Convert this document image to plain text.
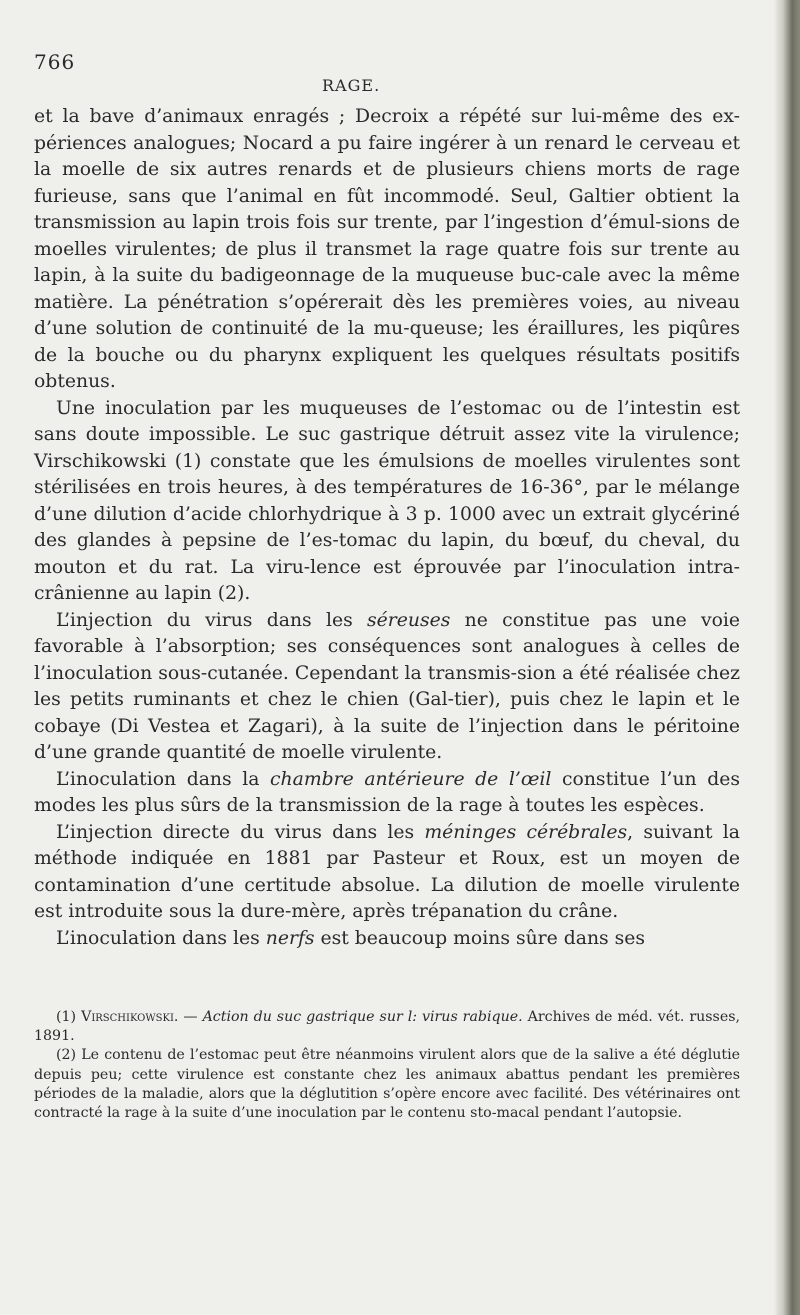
766
RAGE.

et la bave d’animaux enragés ; Decroix a répété sur lui-même des ex-périences analogues; Nocard a pu faire ingérer à un renard le cerveau et la moelle de six autres renards et de plusieurs chiens morts de rage furieuse, sans que l’animal en fût incommodé. Seul, Galtier obtient la transmission au lapin trois fois sur trente, par l’ingestion d’émul-sions de moelles virulentes; de plus il transmet la rage quatre fois sur trente au lapin, à la suite du badigeonnage de la muqueuse buc-cale avec la même matière. La pénétration s’opérerait dès les premières voies, au niveau d’une solution de continuité de la mu-queuse; les éraillures, les piqûres de la bouche ou du pharynx expliquent les quelques résultats positifs obtenus.

Une inoculation par les muqueuses de l’estomac ou de l’intestin est sans doute impossible. Le suc gastrique détruit assez vite la virulence; Virschikowski (1) constate que les émulsions de moelles virulentes sont stérilisées en trois heures, à des températures de 16-36°, par le mélange d’une dilution d’acide chlorhydrique à 3 p. 1000 avec un extrait glycériné des glandes à pepsine de l’es-tomac du lapin, du bœuf, du cheval, du mouton et du rat. La viru-lence est éprouvée par l’inoculation intra-crânienne au lapin (2).

L’injection du virus dans les séreuses ne constitue pas une voie favorable à l’absorption; ses conséquences sont analogues à celles de l’inoculation sous-cutanée. Cependant la transmis-sion a été réalisée chez les petits ruminants et chez le chien (Gal-tier), puis chez le lapin et le cobaye (Di Vestea et Zagari), à la suite de l’injection dans le péritoine d’une grande quantité de moelle virulente.

L’inoculation dans la chambre antérieure de l’œil constitue l’un des modes les plus sûrs de la transmission de la rage à toutes les espèces.

L’injection directe du virus dans les méninges cérébrales, suivant la méthode indiquée en 1881 par Pasteur et Roux, est un moyen de contamination d’une certitude absolue. La dilution de moelle virulente est introduite sous la dure-mère, après trépanation du crâne.

L’inoculation dans les nerfs est beaucoup moins sûre dans ses

(1) Virschikowski. — Action du suc gastrique sur l: virus rabique. Archives de méd. vét. russes, 1891.

(2) Le contenu de l’estomac peut être néanmoins virulent alors que de la salive a été déglutie depuis peu; cette virulence est constante chez les animaux abattus pendant les premières périodes de la maladie, alors que la déglutition s’opère encore avec facilité. Des vétérinaires ont contracté la rage à la suite d’une inoculation par le contenu sto-macal pendant l’autopsie.
